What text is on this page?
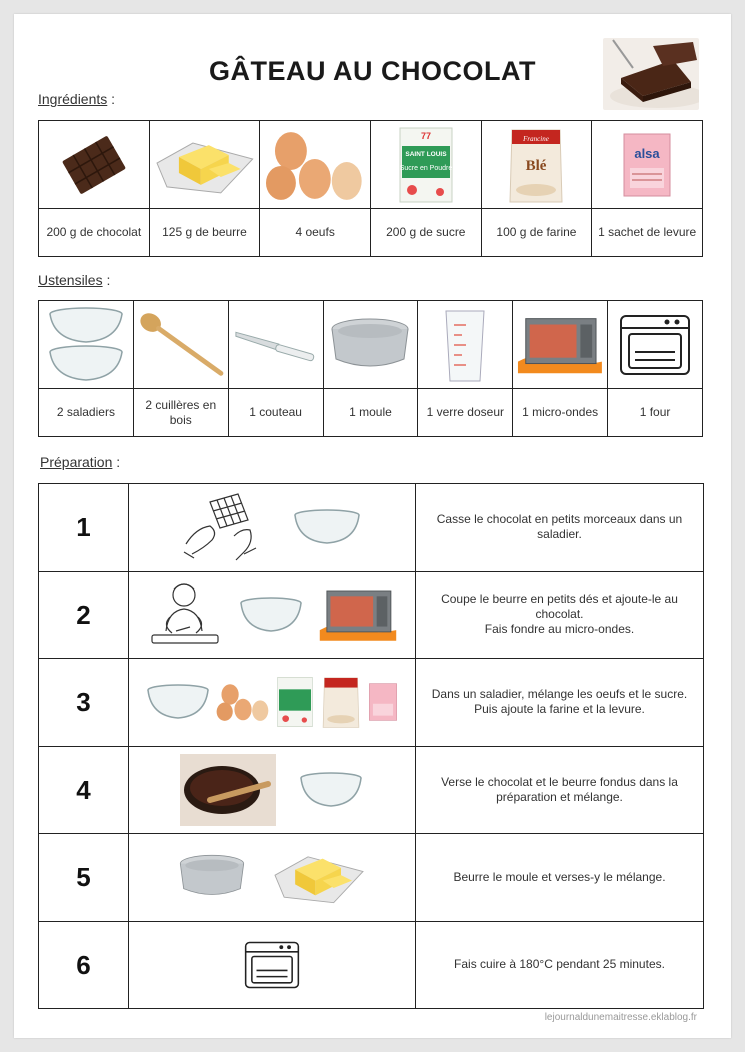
GÂTEAU AU CHOCOLAT
Ingrédients :

77
SAINT LOUIS
Sucre en Poudre	Francine
Blé	alsa

200 g de chocolat	125 g de beurre	4 oeufs	200 g de sucre	100 g de farine	1 sachet de levure
Ustensiles :

2 saladiers	2 cuillères en bois	1 couteau	1 moule	1 verre doseur	1 micro-ondes	1 four
Préparation :
1		Casse le chocolat en petits morceaux dans un saladier.
2		Coupe le beurre en petits dés et ajoute-le au chocolat.
Fais fondre au micro-ondes.
3		Dans un saladier, mélange les oeufs et le sucre. Puis ajoute la farine et la levure.
4		Verse le chocolat et le beurre fondus dans la préparation et mélange.
5		Beurre le moule et verses-y le mélange.
6		Fais cuire à 180°C pendant 25 minutes.
lejournaldunemaitresse.eklablog.fr
